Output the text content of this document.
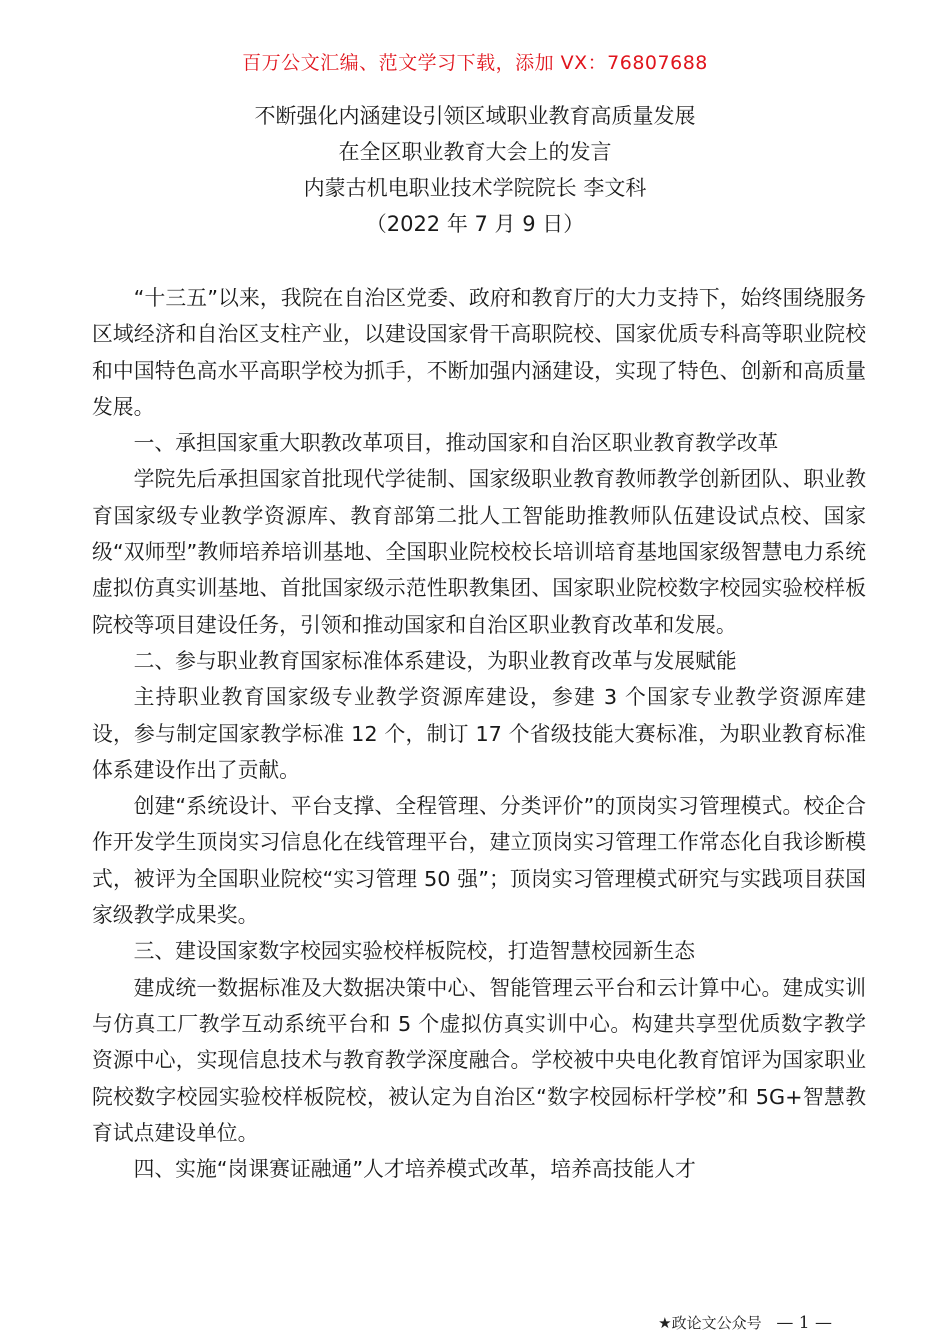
百万公文汇编、范文学习下载，添加 VX：76807688
不断强化内涵建设引领区域职业教育高质量发展
在全区职业教育大会上的发言
内蒙古机电职业技术学院院长 李文科
（2022 年 7 月 9 日）

“十三五”以来，我院在自治区党委、政府和教育厅的大力支持下，始终围绕服务区域经济和自治区支柱产业，以建设国家骨干高职院校、国家优质专科高等职业院校和中国特色高水平高职学校为抓手，不断加强内涵建设，实现了特色、创新和高质量发展。

一、承担国家重大职教改革项目，推动国家和自治区职业教育教学改革

学院先后承担国家首批现代学徒制、国家级职业教育教师教学创新团队、职业教育国家级专业教学资源库、教育部第二批人工智能助推教师队伍建设试点校、国家级“双师型”教师培养培训基地、全国职业院校校长培训培育基地国家级智慧电力系统虚拟仿真实训基地、首批国家级示范性职教集团、国家职业院校数字校园实验校样板院校等项目建设任务，引领和推动国家和自治区职业教育改革和发展。

二、参与职业教育国家标准体系建设，为职业教育改革与发展赋能

主持职业教育国家级专业教学资源库建设，参建 3 个国家专业教学资源库建设，参与制定国家教学标准 12 个，制订 17 个省级技能大赛标准，为职业教育标准体系建设作出了贡献。

创建“系统设计、平台支撑、全程管理、分类评价”的顶岗实习管理模式。校企合作开发学生顶岗实习信息化在线管理平台，建立顶岗实习管理工作常态化自我诊断模式，被评为全国职业院校“实习管理 50 强”；顶岗实习管理模式研究与实践项目获国家级教学成果奖。

三、建设国家数字校园实验校样板院校，打造智慧校园新生态

建成统一数据标准及大数据决策中心、智能管理云平台和云计算中心。建成实训与仿真工厂教学互动系统平台和 5 个虚拟仿真实训中心。构建共享型优质数字教学资源中心，实现信息技术与教育教学深度融合。学校被中央电化教育馆评为国家职业院校数字校园实验校样板院校，被认定为自治区“数字校园标杆学校”和 5G+智慧教育试点建设单位。

四、实施“岗课赛证融通”人才培养模式改革，培养高技能人才

★政论文公众号 — 1 —
